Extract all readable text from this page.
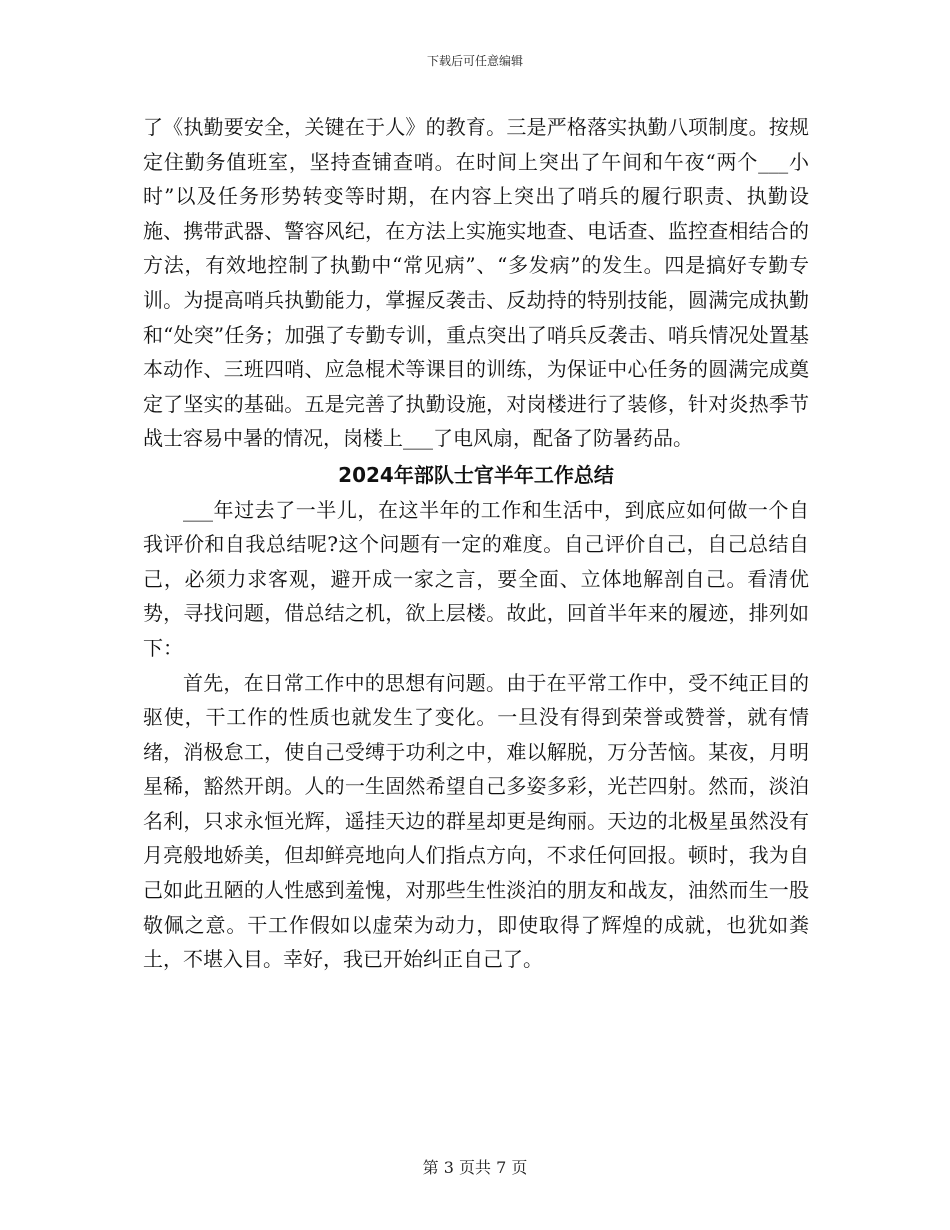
下载后可任意编辑

了《执勤要安全，关键在于人》的教育。三是严格落实执勤八项制度。按规定住勤务值班室，坚持查铺查哨。在时间上突出了午间和午夜“两个___小时”以及任务形势转变等时期，在内容上突出了哨兵的履行职责、执勤设施、携带武器、警容风纪，在方法上实施实地查、电话查、监控查相结合的方法，有效地控制了执勤中“常见病”、“多发病”的发生。四是搞好专勤专训。为提高哨兵执勤能力，掌握反袭击、反劫持的特别技能，圆满完成执勤和“处突”任务；加强了专勤专训，重点突出了哨兵反袭击、哨兵情况处置基本动作、三班四哨、应急棍术等课目的训练，为保证中心任务的圆满完成奠定了坚实的基础。五是完善了执勤设施，对岗楼进行了装修，针对炎热季节战士容易中暑的情况，岗楼上___了电风扇，配备了防暑药品。

2024年部队士官半年工作总结

___年过去了一半儿，在这半年的工作和生活中，到底应如何做一个自我评价和自我总结呢?这个问题有一定的难度。自己评价自己，自己总结自己，必须力求客观，避开成一家之言，要全面、立体地解剖自己。看清优势，寻找问题，借总结之机，欲上层楼。故此，回首半年来的履迹，排列如下：

首先，在日常工作中的思想有问题。由于在平常工作中，受不纯正目的驱使，干工作的性质也就发生了变化。一旦没有得到荣誉或赞誉，就有情绪，消极怠工，使自己受缚于功利之中，难以解脱，万分苦恼。某夜，月明星稀，豁然开朗。人的一生固然希望自己多姿多彩，光芒四射。然而，淡泊名利，只求永恒光辉，遥挂天边的群星却更是绚丽。天边的北极星虽然没有月亮般地娇美，但却鲜亮地向人们指点方向，不求任何回报。顿时，我为自己如此丑陋的人性感到羞愧，对那些生性淡泊的朋友和战友，油然而生一股敬佩之意。干工作假如以虚荣为动力，即使取得了辉煌的成就，也犹如粪土，不堪入目。幸好，我已开始纠正自己了。

第 3 页共 7 页
